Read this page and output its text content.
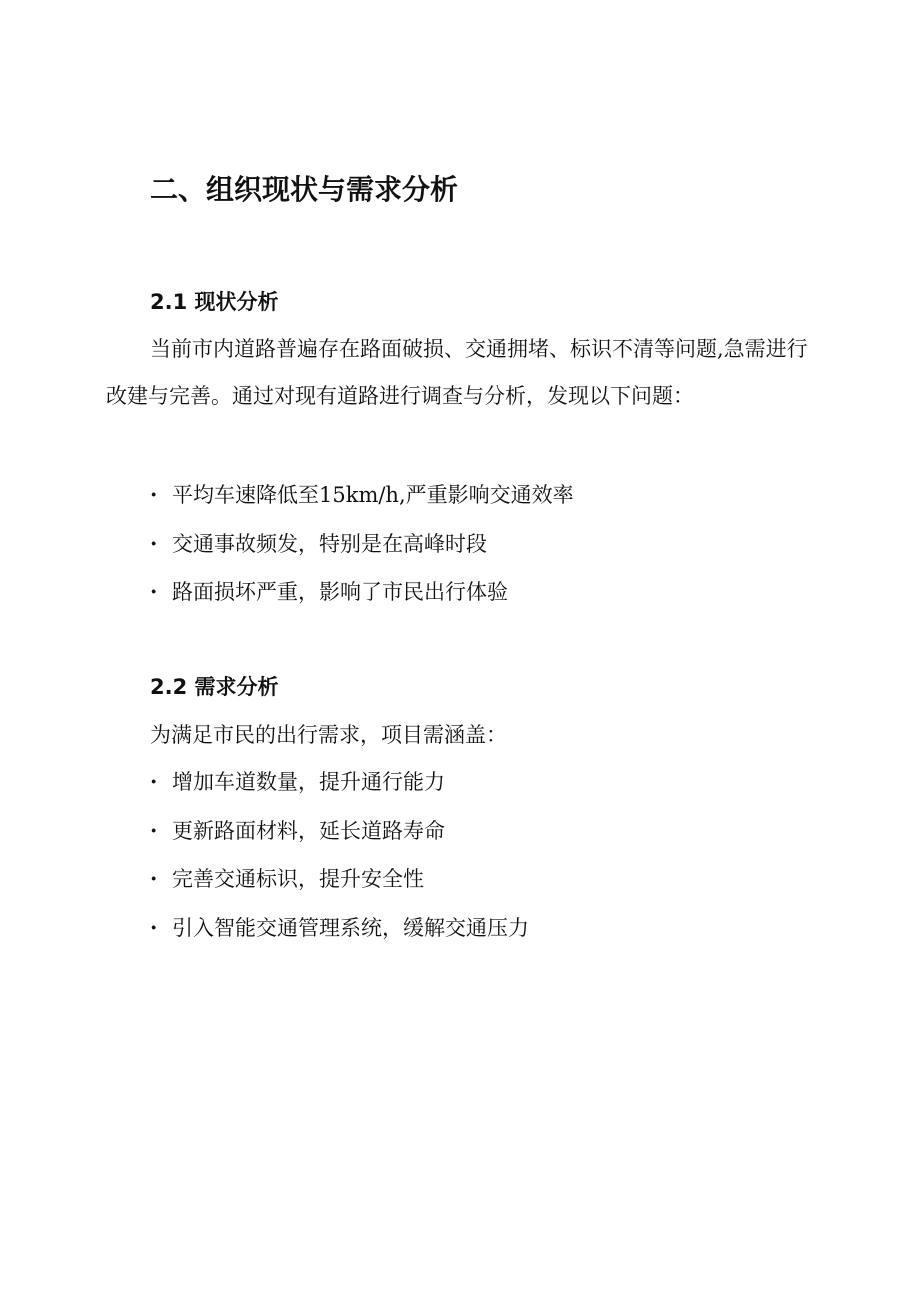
二、组织现状与需求分析
2.1 现状分析

当前市内道路普遍存在路面破损、交通拥堵、标识不清等问题,急需进行改建与完善。通过对现有道路进行调查与分析，发现以下问题：

· 平均车速降低至15km/h,严重影响交通效率
· 交通事故频发，特别是在高峰时段
· 路面损坏严重，影响了市民出行体验
2.2 需求分析
为满足市民的出行需求，项目需涵盖：
· 增加车道数量，提升通行能力
· 更新路面材料，延长道路寿命
· 完善交通标识，提升安全性
· 引入智能交通管理系统，缓解交通压力
